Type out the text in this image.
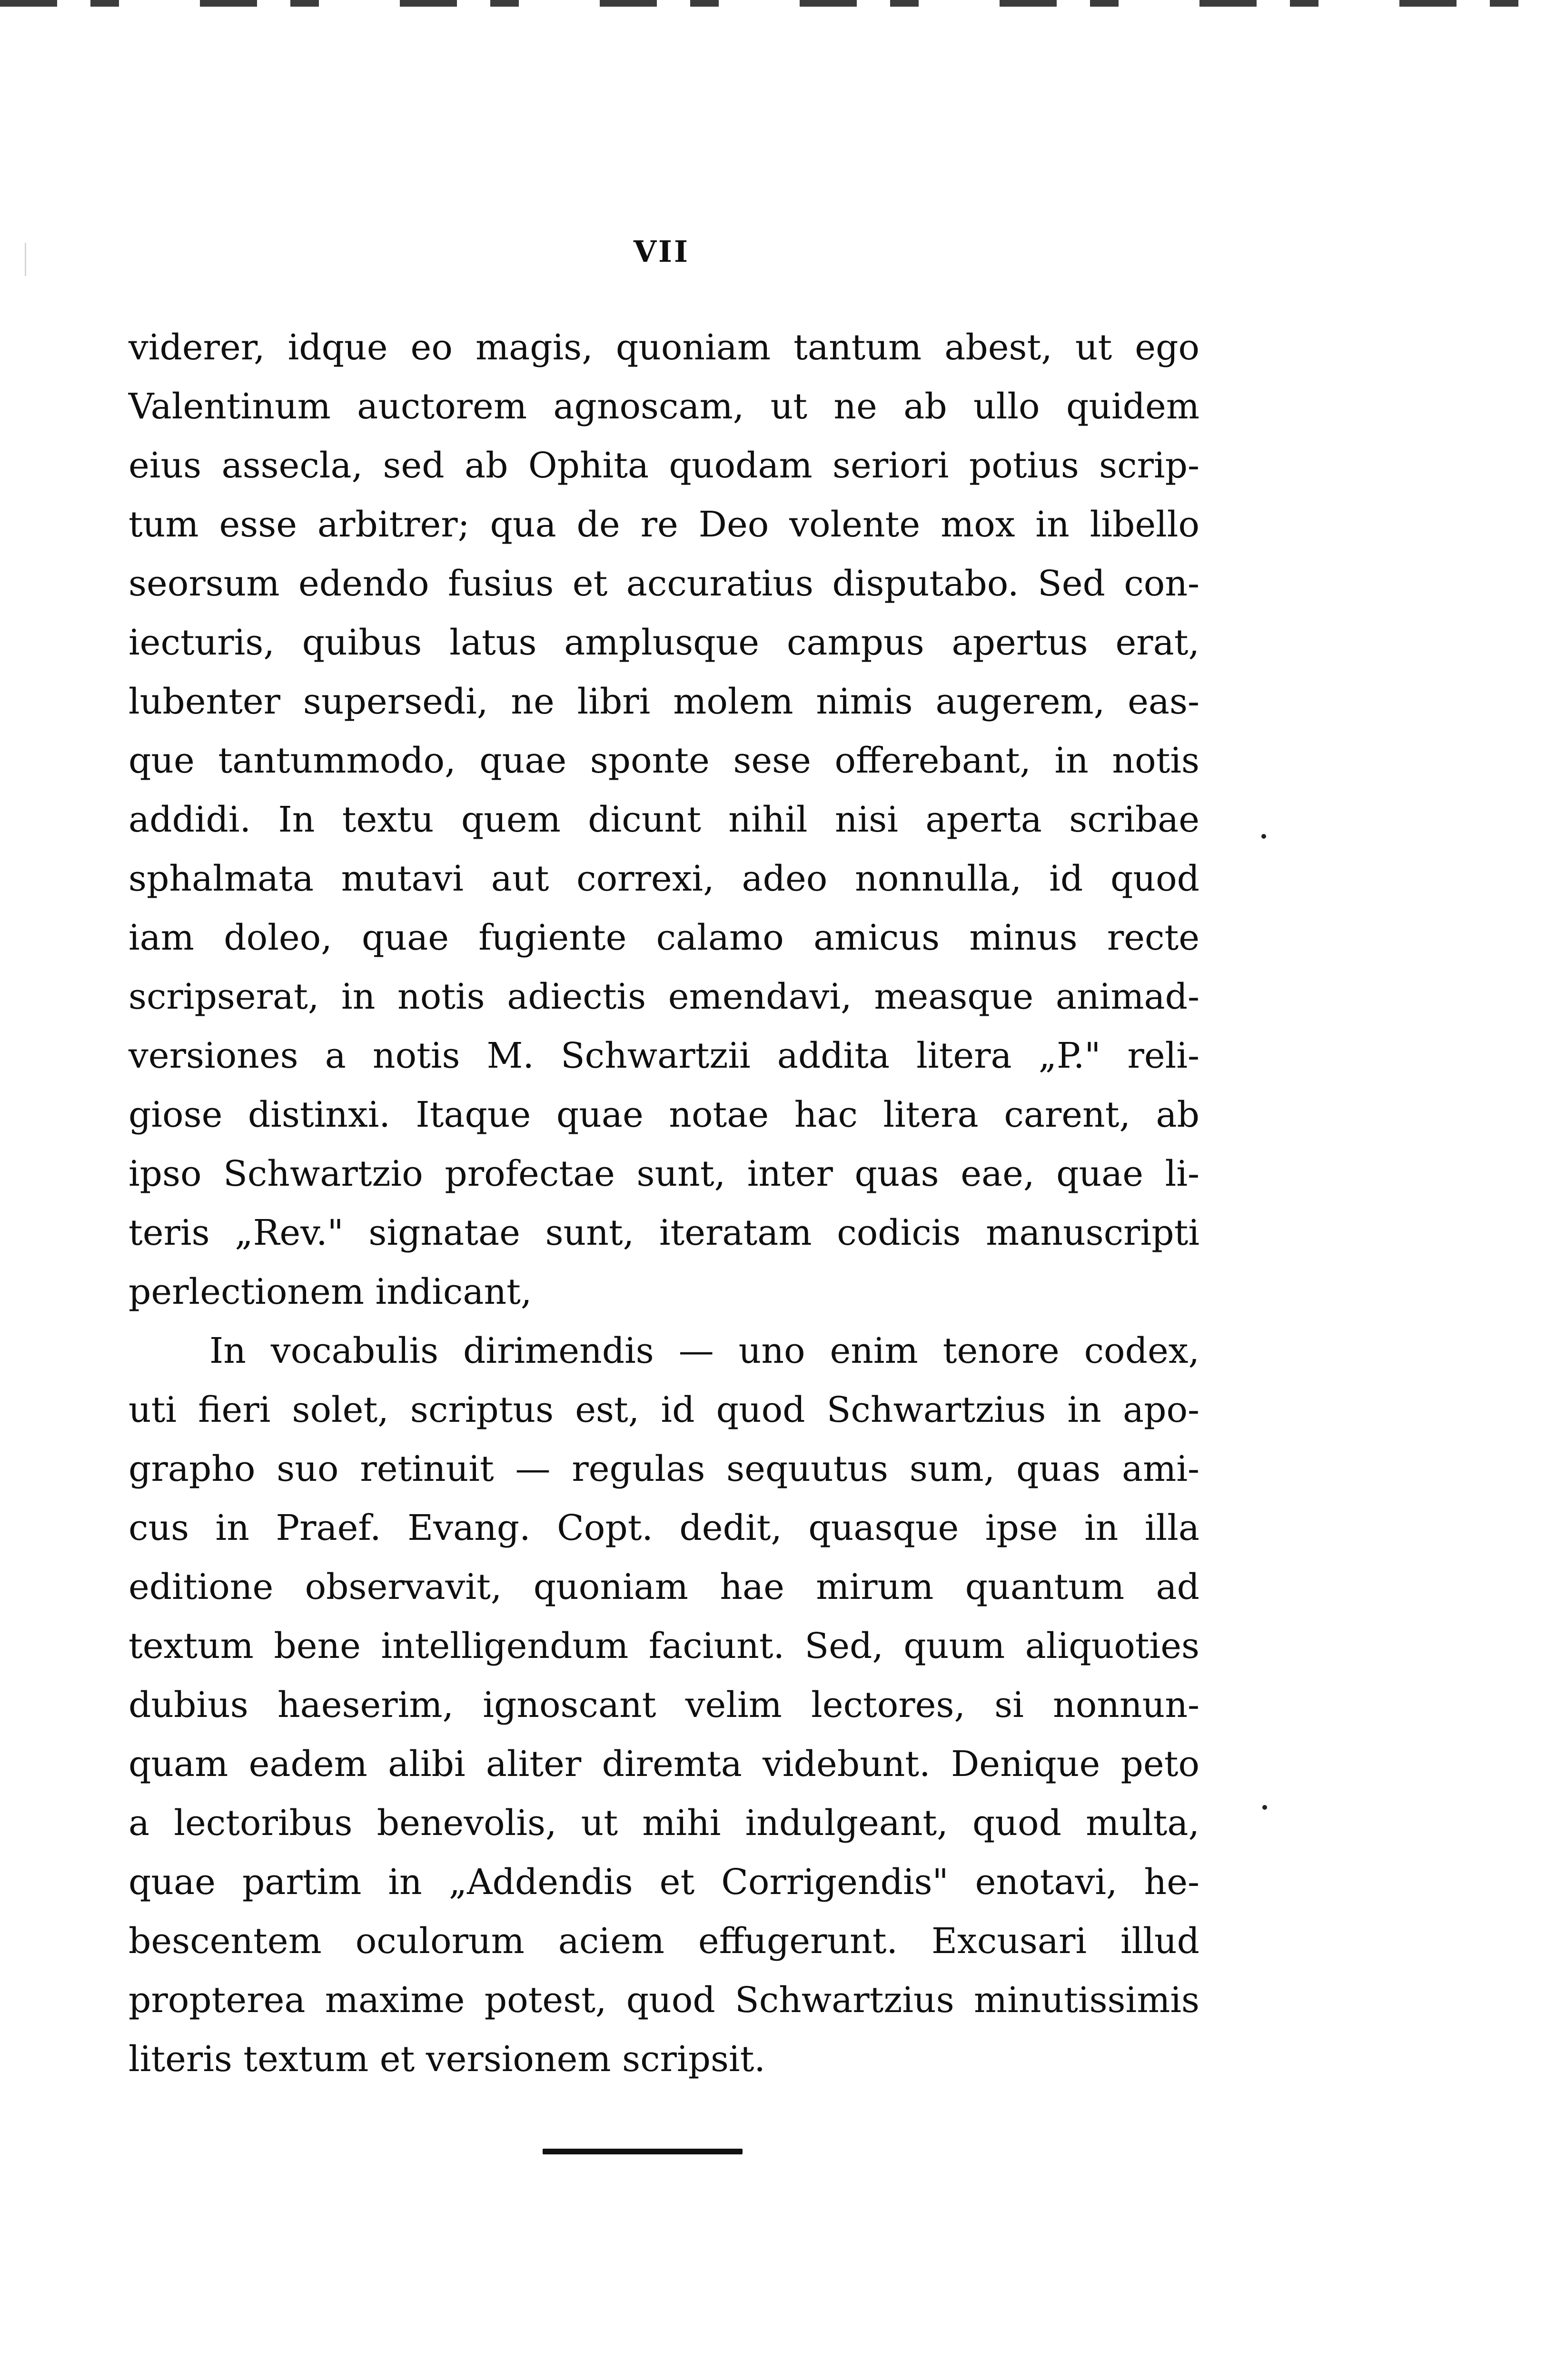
VII
viderer, idque eo magis, quoniam tantum abest, ut ego
Valentinum auctorem agnoscam, ut ne ab ullo quidem
eius assecla, sed ab Ophita quodam seriori potius scrip-
tum esse arbitrer; qua de re Deo volente mox in libello
seorsum edendo fusius et accuratius disputabo. Sed con-
iecturis, quibus latus amplusque campus apertus erat,
lubenter supersedi, ne libri molem nimis augerem, eas-
que tantummodo, quae sponte sese offerebant, in notis
addidi. In textu quem dicunt nihil nisi aperta scribae
sphalmata mutavi aut correxi, adeo nonnulla, id quod
iam doleo, quae fugiente calamo amicus minus recte
scripserat, in notis adiectis emendavi, measque animad-
versiones a notis M. Schwartzii addita litera „P." reli-
giose distinxi. Itaque quae notae hac litera carent, ab
ipso Schwartzio profectae sunt, inter quas eae, quae li-
teris „Rev." signatae sunt, iteratam codicis manuscripti
perlectionem indicant,
In vocabulis dirimendis — uno enim tenore codex,
uti fieri solet, scriptus est, id quod Schwartzius in apo-
grapho suo retinuit — regulas sequutus sum, quas ami-
cus in Praef. Evang. Copt. dedit, quasque ipse in illa
editione observavit, quoniam hae mirum quantum ad
textum bene intelligendum faciunt. Sed, quum aliquoties
dubius haeserim, ignoscant velim lectores, si nonnun-
quam eadem alibi aliter diremta videbunt. Denique peto
a lectoribus benevolis, ut mihi indulgeant, quod multa,
quae partim in „Addendis et Corrigendis" enotavi, he-
bescentem oculorum aciem effugerunt. Excusari illud
propterea maxime potest, quod Schwartzius minutissimis
literis textum et versionem scripsit.
